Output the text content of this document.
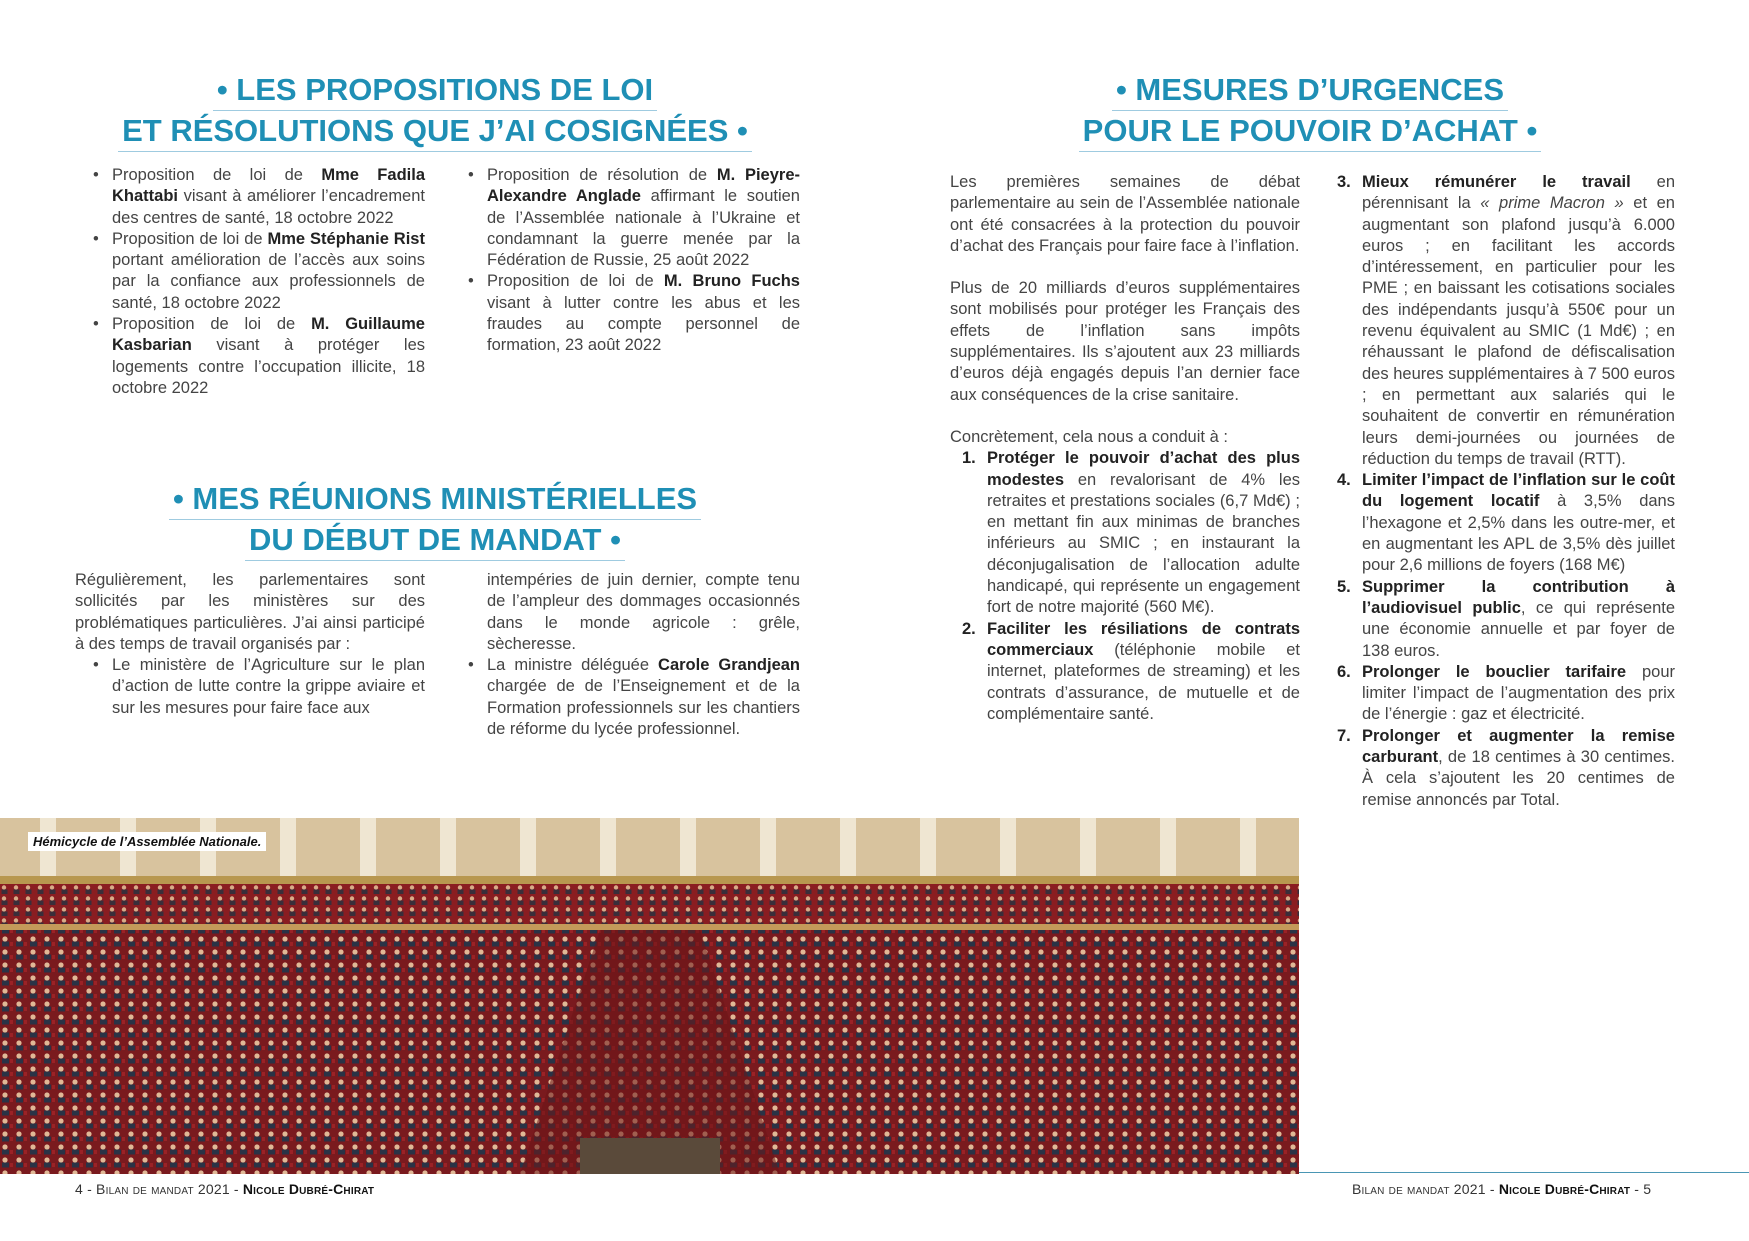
• LES PROPOSITIONS DE LOI
ET RÉSOLUTIONS QUE J’AI COSIGNÉES •
• Proposition de loi de Mme Fadila Khattabi visant à améliorer l’encadrement des centres de santé, 18 octobre 2022
• Proposition de loi de Mme Stéphanie Rist portant amélioration de l’accès aux soins par la confiance aux professionnels de santé, 18 octobre 2022
• Proposition de loi de M. Guillaume Kasbarian visant à protéger les logements contre l’occupation illicite, 18 octobre 2022
• Proposition de résolution de M. Pieyre-Alexandre Anglade affirmant le soutien de l’Assemblée nationale à l’Ukraine et condamnant la guerre menée par la Fédération de Russie, 25 août 2022
• Proposition de loi de M. Bruno Fuchs visant à lutter contre les abus et les fraudes au compte personnel de formation, 23 août 2022
• MES RÉUNIONS MINISTÉRIELLES
DU DÉBUT DE MANDAT •

Régulièrement, les parlementaires sont sollicités par les ministères sur des problématiques particulières. J’ai ainsi participé à des temps de travail organisés par :

• Le ministère de l’Agriculture sur le plan d’action de lutte contre la grippe aviaire et sur les mesures pour faire face aux

intempéries de juin dernier, compte tenu de l’ampleur des dommages occasionnés dans le monde agricole : grêle, sècheresse.

• La ministre déléguée Carole Grandjean chargée de de l’Enseignement et de la Formation professionnels sur les chantiers de réforme du lycée professionnel.
Hémicycle de l’Assemblée Nationale.
4 - Bilan de mandat 2021 - Nicole Dubré-Chirat
• MESURES D’URGENCES
POUR LE POUVOIR D’ACHAT •

Les premières semaines de débat parlementaire au sein de l’Assemblée nationale ont été consacrées à la protection du pouvoir d’achat des Français pour faire face à l’inflation.

Plus de 20 milliards d’euros supplémentaires sont mobilisés pour protéger les Français des effets de l’inflation sans impôts supplémentaires. Ils s’ajoutent aux 23 milliards d’euros déjà engagés depuis l’an dernier face aux conséquences de la crise sanitaire.

Concrètement, cela nous a conduit à :

1. Protéger le pouvoir d’achat des plus modestes en revalorisant de 4% les retraites et prestations sociales (6,7 Md€) ; en mettant fin aux minimas de branches inférieurs au SMIC ; en instaurant la déconjugalisation de l’allocation adulte handicapé, qui représente un engagement fort de notre majorité (560 M€).
2. Faciliter les résiliations de contrats commerciaux (téléphonie mobile et internet, plateformes de streaming) et les contrats d’assurance, de mutuelle et de complémentaire santé.
3. Mieux rémunérer le travail en pérennisant la « prime Macron » et en augmentant son plafond jusqu’à 6.000 euros ; en facilitant les accords d’intéressement, en particulier pour les PME ; en baissant les cotisations sociales des indépendants jusqu’à 550€ pour un revenu équivalent au SMIC (1 Md€) ; en réhaussant le plafond de défiscalisation des heures supplémentaires à 7 500 euros ; en permettant aux salariés qui le souhaitent de convertir en rémunération leurs demi-journées ou journées de réduction du temps de travail (RTT).
4. Limiter l’impact de l’inflation sur le coût du logement locatif à 3,5% dans l’hexagone et 2,5% dans les outre-mer, et en augmentant les APL de 3,5% dès juillet pour 2,6 millions de foyers (168 M€)
5. Supprimer la contribution à l’audiovisuel public, ce qui représente une économie annuelle et par foyer de 138 euros.
6. Prolonger le bouclier tarifaire pour limiter l’impact de l’augmentation des prix de l’énergie : gaz et électricité.
7. Prolonger et augmenter la remise carburant, de 18 centimes à 30 centimes. À cela s’ajoutent les 20 centimes de remise annoncés par Total.
Bilan de mandat 2021 - Nicole Dubré-Chirat - 5
